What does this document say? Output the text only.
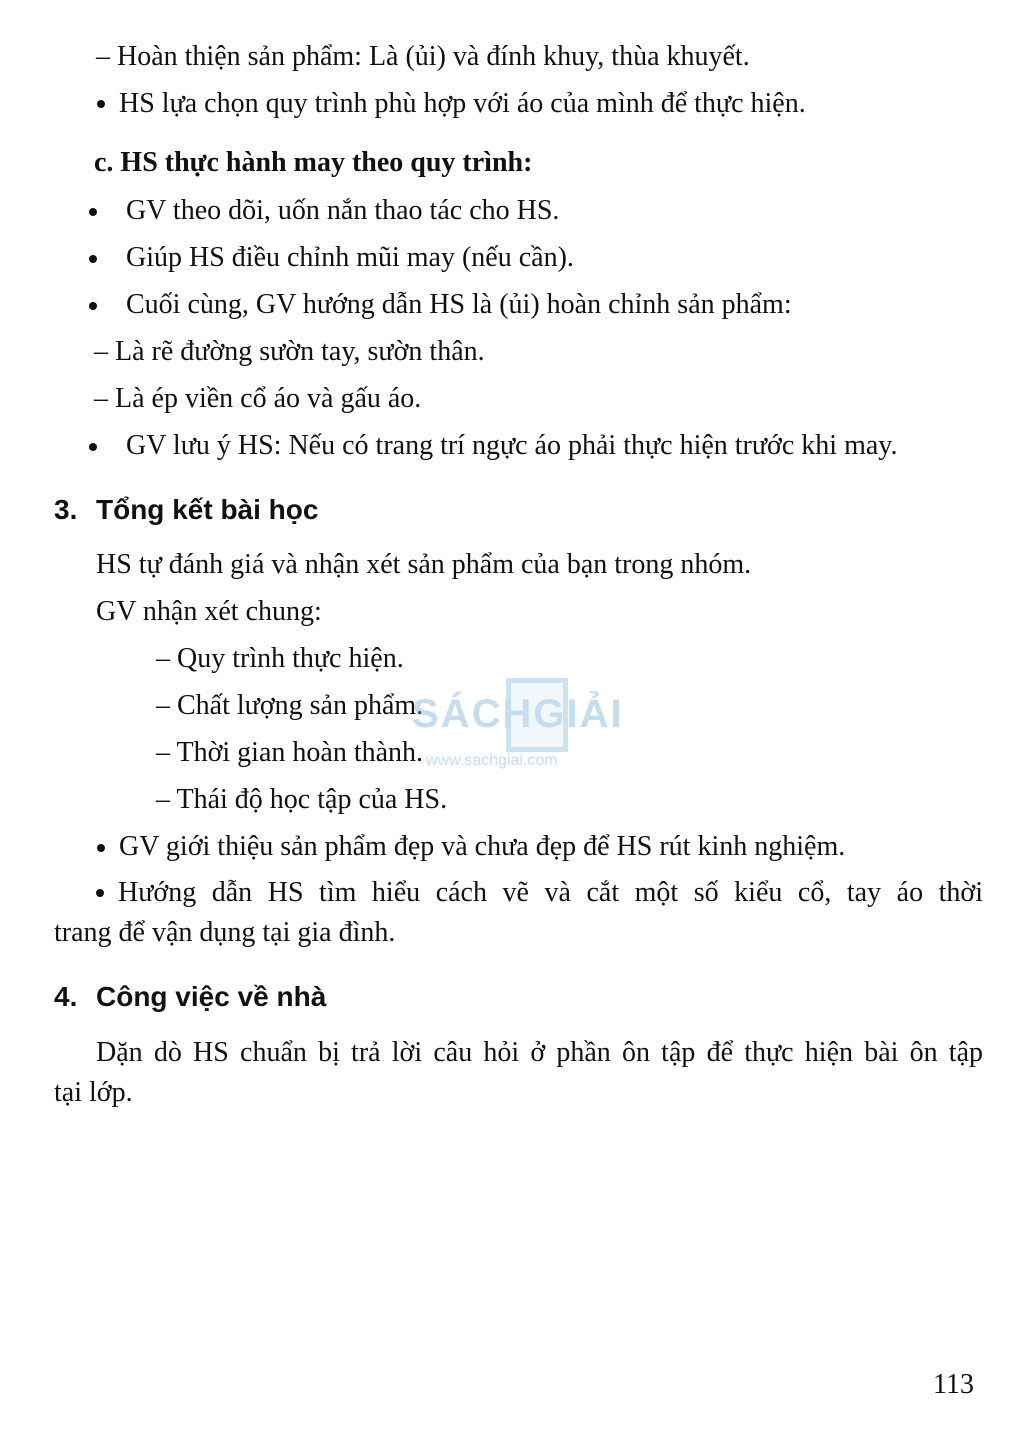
– Hoàn thiện sản phẩm: Là (ủi) và đính khuy, thùa khuyết.
HS lựa chọn quy trình phù hợp với áo của mình để thực hiện.
c. HS thực hành may theo quy trình:
GV theo dõi, uốn nắn thao tác cho HS.
Giúp HS điều chỉnh mũi may (nếu cần).
Cuối cùng, GV hướng dẫn HS là (ủi) hoàn chỉnh sản phẩm:
– Là rẽ đường sườn tay, sườn thân.
– Là ép viền cổ áo và gấu áo.
GV lưu ý HS: Nếu có trang trí ngực áo phải thực hiện trước khi may.
3. Tổng kết bài học
HS tự đánh giá và nhận xét sản phẩm của bạn trong nhóm.
GV nhận xét chung:
– Quy trình thực hiện.
– Chất lượng sản phẩm.
– Thời gian hoàn thành.
– Thái độ học tập của HS.
GV giới thiệu sản phẩm đẹp và chưa đẹp để HS rút kinh nghiệm.
Hướng dẫn HS tìm hiểu cách vẽ và cắt một số kiểu cổ, tay áo thời
trang để vận dụng tại gia đình.
4. Công việc về nhà
Dặn dò HS chuẩn bị trả lời câu hỏi ở phần ôn tập để thực hiện bài ôn tập
tại lớp.
SÁCHGIẢI
www.sachgiai.com
113
